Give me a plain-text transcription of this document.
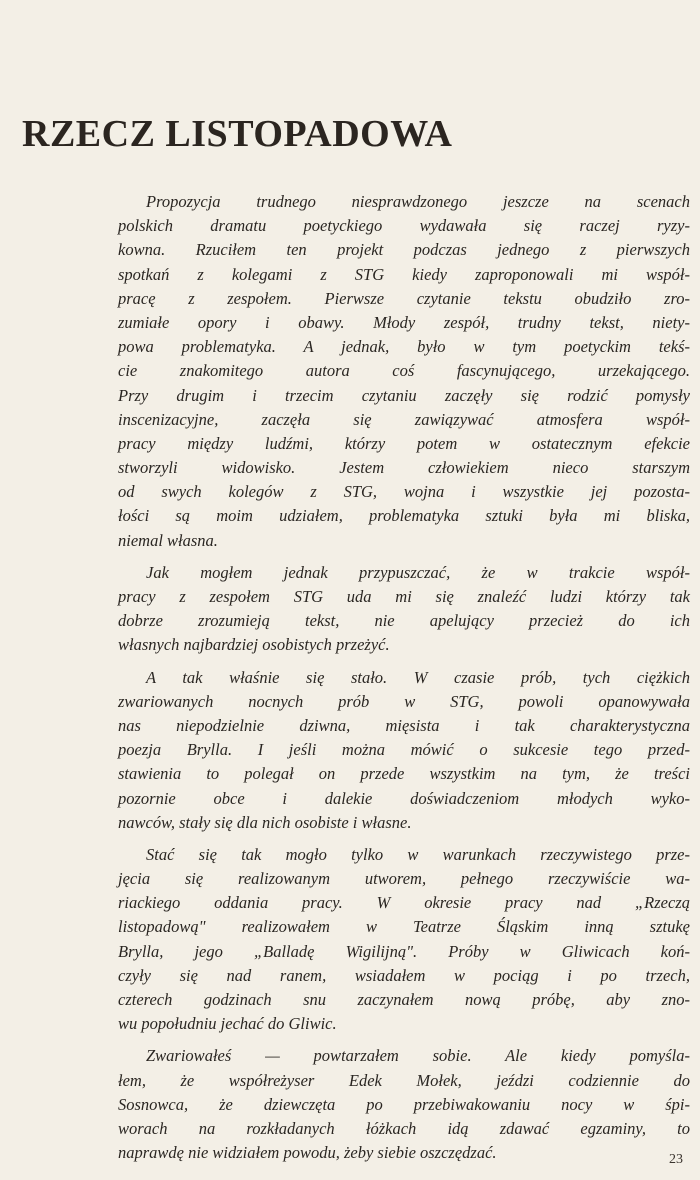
RZECZ LISTOPADOWA
Propozycja trudnego niesprawdzonego jeszcze na scenach
polskich dramatu poetyckiego wydawała się raczej ryzy-
kowna. Rzuciłem ten projekt podczas jednego z pierwszych
spotkań z kolegami z STG kiedy zaproponowali mi współ-
pracę z zespołem. Pierwsze czytanie tekstu obudziło zro-
zumiałe opory i obawy. Młody zespół, trudny tekst, niety-
powa problematyka. A jednak, było w tym poetyckim tekś-
cie znakomitego autora coś fascynującego, urzekającego.
Przy drugim i trzecim czytaniu zaczęły się rodzić pomysły
inscenizacyjne, zaczęła się zawiązywać atmosfera współ-
pracy między ludźmi, którzy potem w ostatecznym efekcie
stworzyli widowisko. Jestem człowiekiem nieco starszym
od swych kolegów z STG, wojna i wszystkie jej pozosta-
łości są moim udziałem, problematyka sztuki była mi bliska,
niemal własna.
Jak mogłem jednak przypuszczać, że w trakcie współ-
pracy z zespołem STG uda mi się znaleźć ludzi którzy tak
dobrze zrozumieją tekst, nie apelujący przecież do ich
własnych najbardziej osobistych przeżyć.
A tak właśnie się stało. W czasie prób, tych ciężkich
zwariowanych nocnych prób w STG, powoli opanowywała
nas niepodzielnie dziwna, mięsista i tak charakterystyczna
poezja Brylla. I jeśli można mówić o sukcesie tego przed-
stawienia to polegał on przede wszystkim na tym, że treści
pozornie obce i dalekie doświadczeniom młodych wyko-
nawców, stały się dla nich osobiste i własne.
Stać się tak mogło tylko w warunkach rzeczywistego prze-
jęcia się realizowanym utworem, pełnego rzeczywiście wa-
riackiego oddania pracy. W okresie pracy nad „Rzeczą
listopadową" realizowałem w Teatrze Śląskim inną sztukę
Brylla, jego „Balladę Wigilijną". Próby w Gliwicach koń-
czyły się nad ranem, wsiadałem w pociąg i po trzech,
czterech godzinach snu zaczynałem nową próbę, aby zno-
wu popołudniu jechać do Gliwic.
Zwariowałeś — powtarzałem sobie. Ale kiedy pomyśla-
łem, że współreżyser Edek Mołek, jeździ codziennie do
Sosnowca, że dziewczęta po przebiwakowaniu nocy w śpi-
worach na rozkładanych łóżkach idą zdawać egzaminy, to
naprawdę nie widziałem powodu, żeby siebie oszczędzać.	23
